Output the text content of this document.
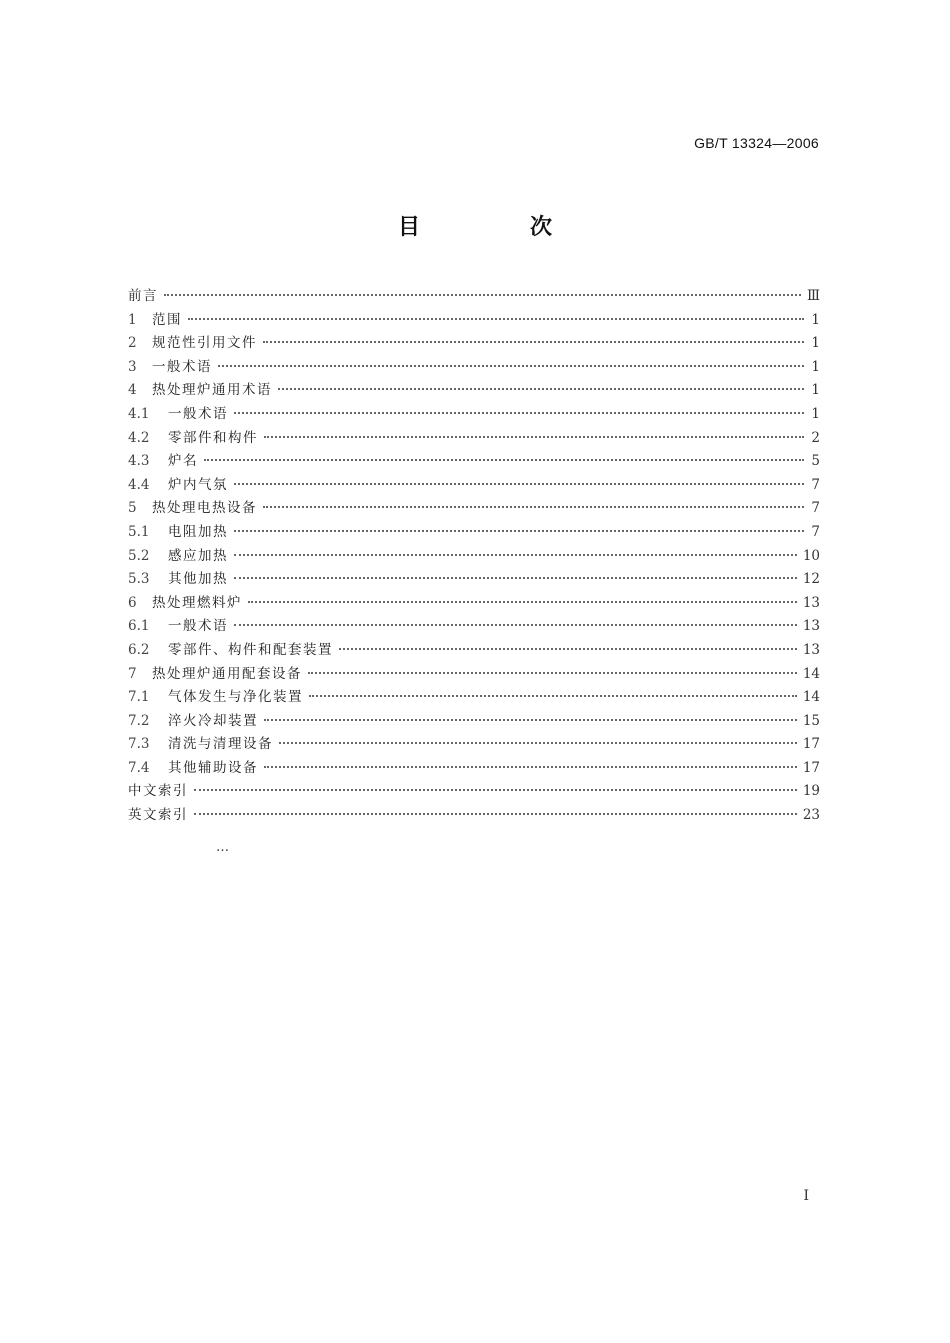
GB/T 13324—2006
目　次
前言	Ⅲ
1	范围	1
2	规范性引用文件	1
3	一般术语	1
4	热处理炉通用术语	1
4.1	一般术语	1
4.2	零部件和构件	2
4.3	炉名	5
4.4	炉内气氛	7
5	热处理电热设备	7
5.1	电阻加热	7
5.2	感应加热	10
5.3	其他加热	12
6	热处理燃料炉	13
6.1	一般术语	13
6.2	零部件、构件和配套装置	13
7	热处理炉通用配套设备	14
7.1	气体发生与净化装置	14
7.2	淬火冷却装置	15
7.3	清洗与清理设备	17
7.4	其他辅助设备	17
中文索引	19
英文索引	23
…
Ⅰ
